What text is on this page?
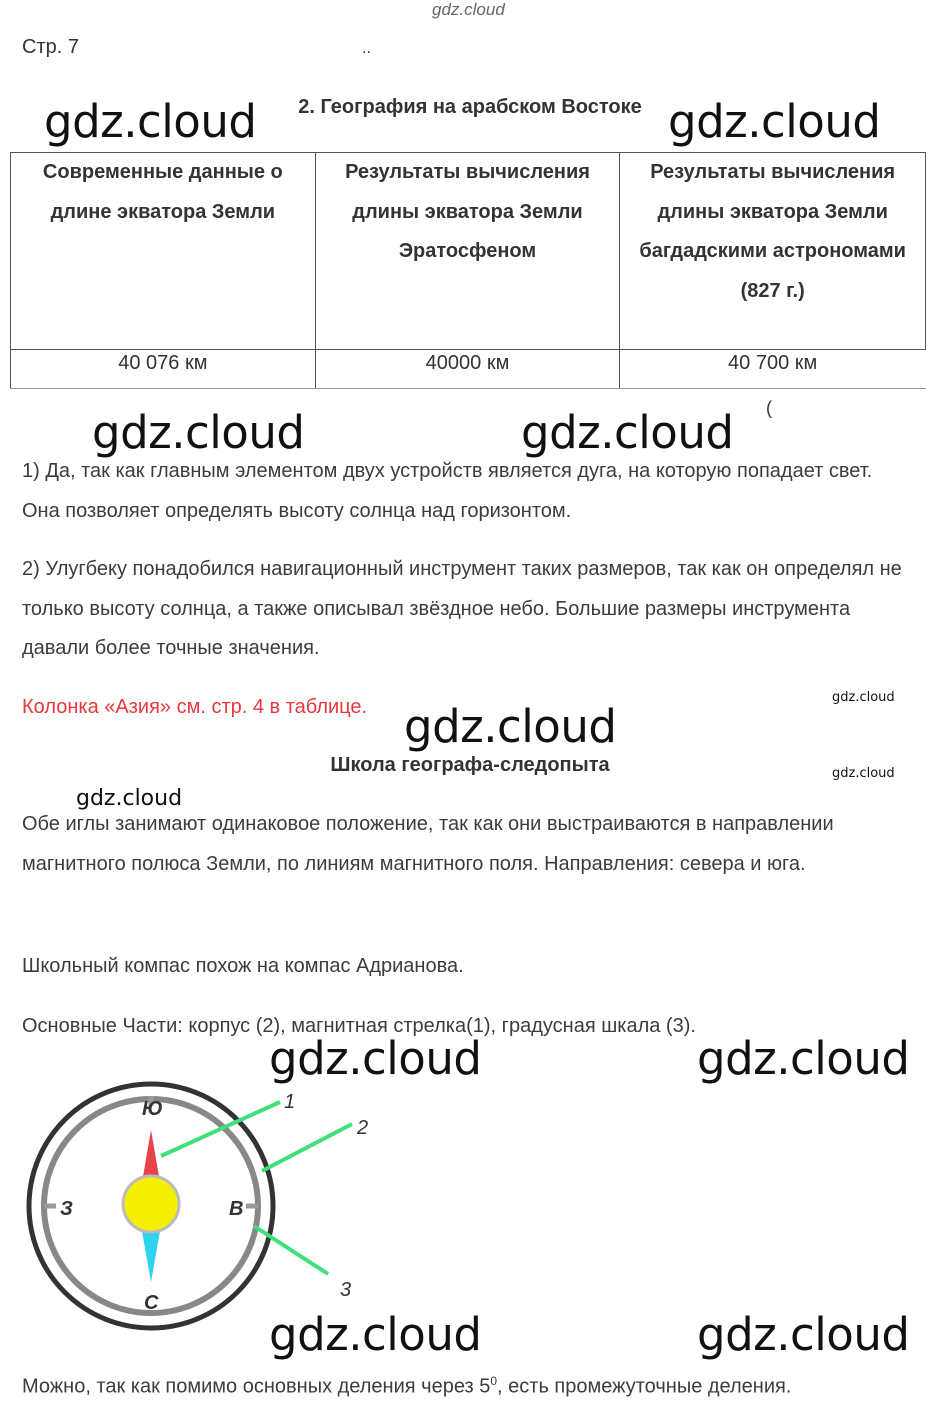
gdz.cloud
Стр. 7	..
2. География на арабском Востоке
Современные данные о длине экватора Земли	Результаты вычисления длины экватора Земли Эратосфеном	Результаты вычисления длины экватора Земли багдадскими астрономами (827 г.)
40 076 км	40000 км	40 700 км
(
1) Да, так как главным элементом двух устройств является дуга, на которую попадает свет. Она позволяет определять высоту солнца над горизонтом.
2) Улугбеку понадобился навигационный инструмент таких размеров, так как он определял не только высоту солнца, а также описывал звёздное небо. Большие размеры инструмента давали более точные значения.
Колонка «Азия» см. стр. 4 в таблице.
Школа географа-следопыта
Обе иглы занимают одинаковое положение, так как они выстраиваются в направлении магнитного полюса Земли, по линиям магнитного поля. Направления: севера и юга.
Школьный компас похож на компас Адрианова.
Основные Части: корпус (2), магнитная стрелка(1), градусная шкала (3).
Ю
С
З	В
1
2
3
Можно, так как помимо основных деления через $5^0$, есть промежуточные деления.
gdz.cloud	gdz.cloud
gdz.cloud	gdz.cloud
gdz.cloud
gdz.cloud
gdz.cloud
gdz.cloud
gdz.cloud	gdz.cloud
gdz.cloud	gdz.cloud
